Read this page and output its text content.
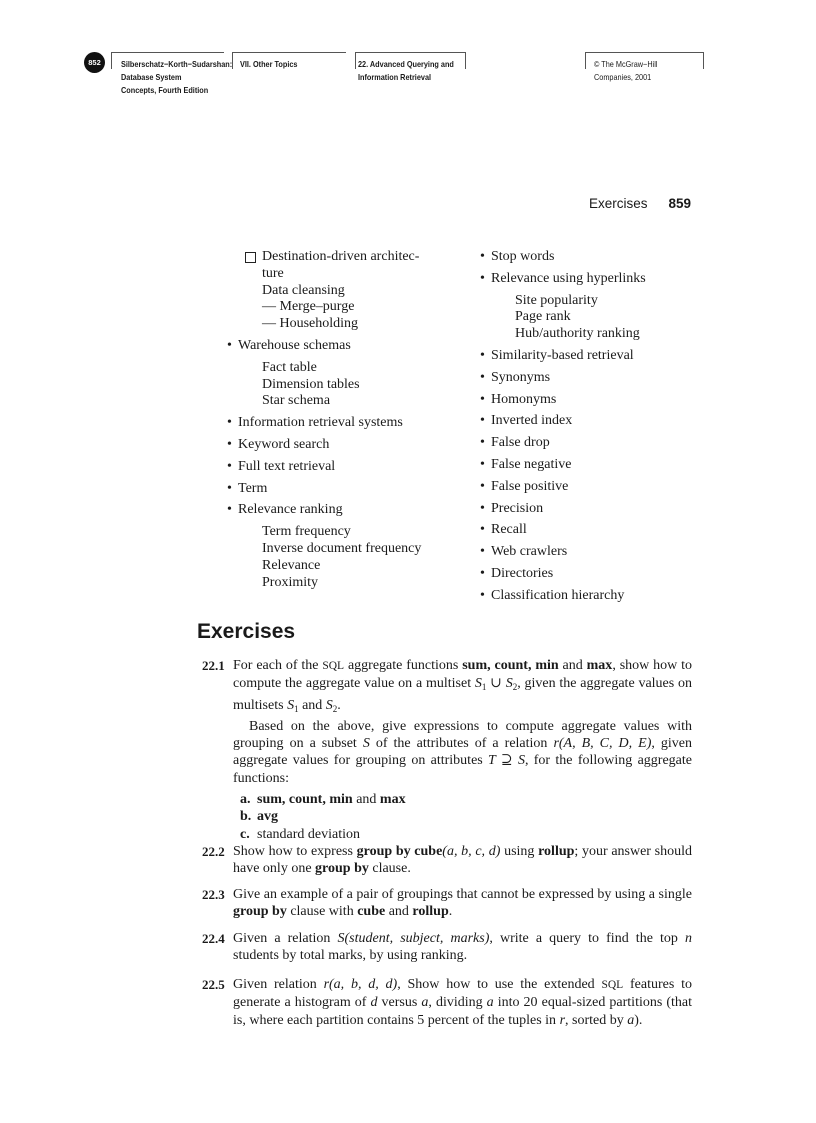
852	Silberschatz−Korth−Sudarshan:
Database System
Concepts, Fourth Edition
VII. Other Topics	22. Advanced Querying and
Information Retrieval
© The McGraw−Hill
Companies, 2001
Exercises 859
Destination-driven architec-
ture
Data cleansing
— Merge–purge
— Householding
• Warehouse schemas
Fact table
Dimension tables
Star schema
• Information retrieval systems
• Keyword search
• Full text retrieval
• Term
• Relevance ranking
Term frequency
Inverse document frequency
Relevance
Proximity
• Stop words
• Relevance using hyperlinks
Site popularity
Page rank
Hub/authority ranking
• Similarity-based retrieval
• Synonyms
• Homonyms
• Inverted index
• False drop
• False negative
• False positive
• Precision
• Recall
• Web crawlers
• Directories
• Classification hierarchy
Exercises
22.1 For each of the SQL aggregate functions sum, count, min and max, show how to compute the aggregate value on a multiset $S_1$ ∪ $S_2$, given the aggregate values on multisets $S_1$ and $S_2$.

Based on the above, give expressions to compute aggregate values with grouping on a subset S of the attributes of a relation r(A, B, C, D, E), given aggregate values for grouping on attributes T ⊇ S, for the following aggregate functions:

a. sum, count, min and max
b. avg
c. standard deviation
22.2 Show how to express group by cube(a, b, c, d) using rollup; your answer should have only one group by clause.

22.3 Give an example of a pair of groupings that cannot be expressed by using a single group by clause with cube and rollup.

22.4 Given a relation S(student, subject, marks), write a query to find the top n students by total marks, by using ranking.

22.5 Given relation r(a, b, d, d), Show how to use the extended SQL features to generate a histogram of d versus a, dividing a into 20 equal-sized partitions (that is, where each partition contains 5 percent of the tuples in r, sorted by a).
